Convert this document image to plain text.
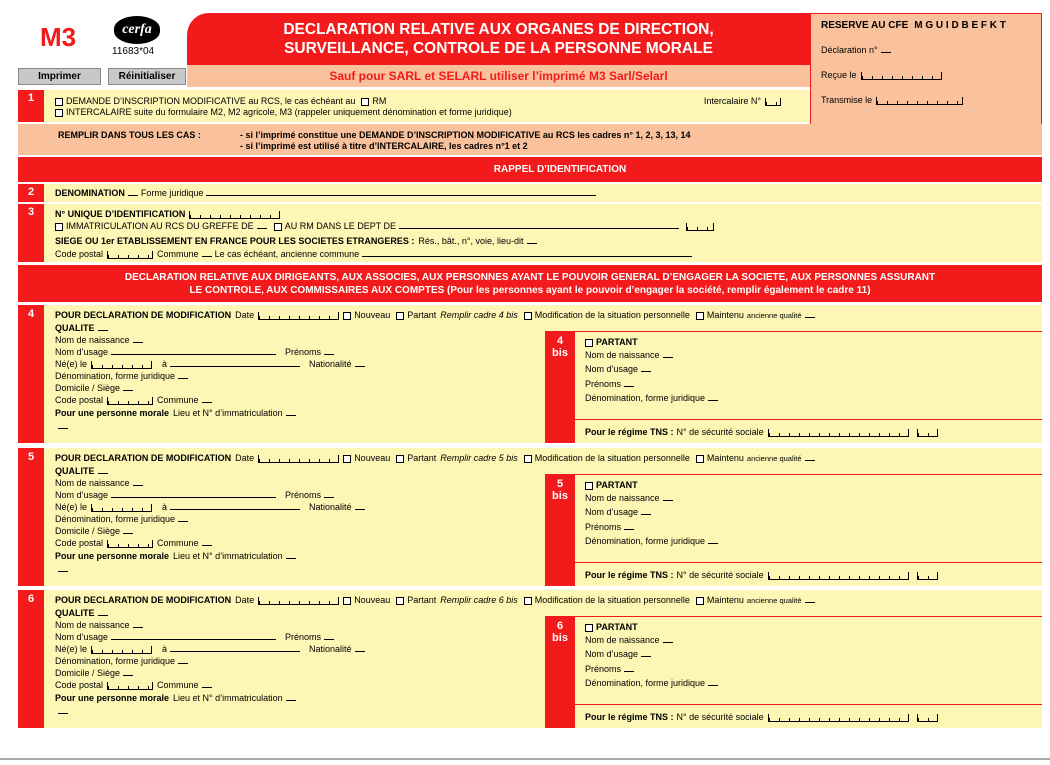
M3	cerfa
11683*04
DECLARATION RELATIVE AUX ORGANES DE DIRECTION,
SURVEILLANCE, CONTROLE DE LA PERSONNE MORALE
Sauf pour SARL et SELARL utiliser l’imprimé M3 Sarl/Selarl
Imprimer	Réinitialiser
RESERVE AU CFE M G U I D B E F K T
Déclaration n°
Reçue le
Transmise le
1	DEMANDE D’INSCRIPTION MODIFICATIVE au RCS, le cas échéant au RM	Intercalaire N°
INTERCALAIRE suite du formulaire M2, M2 agricole, M3 (rappeler uniquement dénomination et forme juridique)
REMPLIR DANS TOUS LES CAS :	- si l’imprimé constitue une DEMANDE D’INSCRIPTION MODIFICATIVE au RCS les cadres n° 1, 2, 3, 13, 14
- si l’imprimé est utilisé à titre d’INTERCALAIRE, les cadres n°1 et 2
RAPPEL D’IDENTIFICATION
2	DENOMINATION Forme juridique
3	N° UNIQUE D’IDENTIFICATION
IMMATRICULATION AU RCS DU GREFFE DE	AU RM DANS LE DEPT DE
SIEGE OU 1er ETABLISSEMENT EN FRANCE POUR LES SOCIETES ETRANGERES : Rés., bât., n°, voie, lieu-dit
Code postal	Commune Le cas échéant, ancienne commune
DECLARATION RELATIVE AUX DIRIGEANTS, AUX ASSOCIES, AUX PERSONNES AYANT LE POUVOIR GENERAL D’ENGAGER LA SOCIETE, AUX PERSONNES ASSURANT
LE CONTROLE, AUX COMMISSAIRES AUX COMPTES (Pour les personnes ayant le pouvoir d’engager la société, remplir également le cadre 11)
4	POUR DECLARATION DE MODIFICATION Date	Nouveau Partant Remplir cadre 4 bis Modification de la situation personnelle Maintenu ancienne qualité
QUALITE
Nom de naissance
Nom d’usage	Prénoms
Né(e) le	à	Nationalité
Dénomination, forme juridique
Domicile / Siège
Code postal	Commune
Pour une personne morale Lieu et N° d’immatriculation
4
bis
PARTANT
Nom de naissance
Nom d’usage
Prénoms
Dénomination, forme juridique
Pour le régime TNS : N° de sécurité sociale
5	POUR DECLARATION DE MODIFICATION Date	Nouveau Partant Remplir cadre 5 bis Modification de la situation personnelle Maintenu ancienne qualité
QUALITE
Nom de naissance
Nom d’usage	Prénoms
Né(e) le	à	Nationalité
Dénomination, forme juridique
Domicile / Siège
Code postal	Commune
Pour une personne morale Lieu et N° d’immatriculation
5
bis
PARTANT
Nom de naissance
Nom d’usage
Prénoms
Dénomination, forme juridique
Pour le régime TNS : N° de sécurité sociale
6	POUR DECLARATION DE MODIFICATION Date	Nouveau Partant Remplir cadre 6 bis Modification de la situation personnelle Maintenu ancienne qualité
QUALITE
Nom de naissance
Nom d’usage	Prénoms
Né(e) le	à	Nationalité
Dénomination, forme juridique
Domicile / Siège
Code postal	Commune
Pour une personne morale Lieu et N° d’immatriculation
6
bis
PARTANT
Nom de naissance
Nom d’usage
Prénoms
Dénomination, forme juridique
Pour le régime TNS : N° de sécurité sociale
